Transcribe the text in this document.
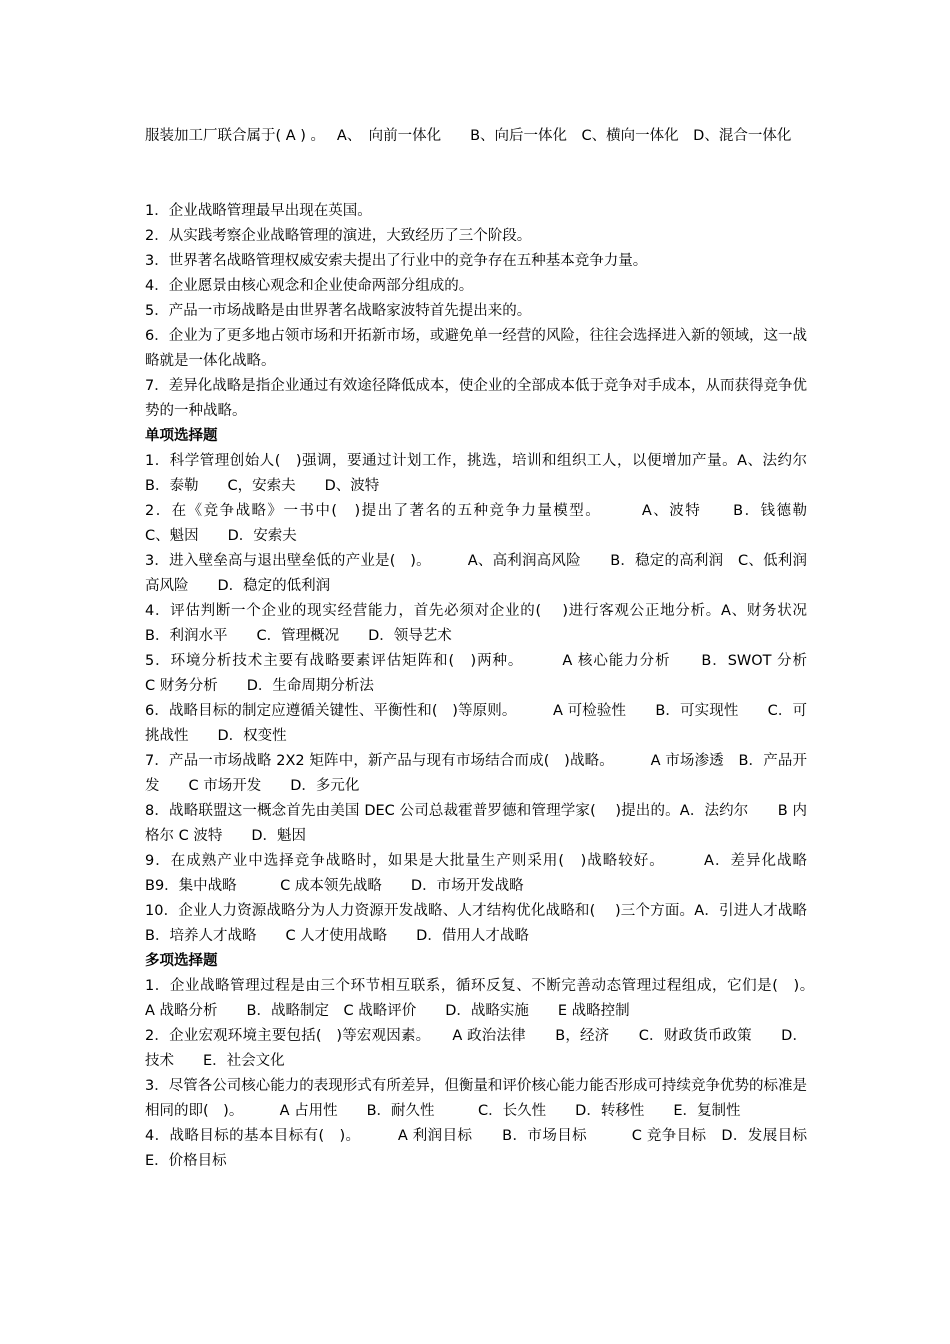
服装加工厂联合属于( A ) 。　 A、　向前一体化　　B、向后一体化　C、横向一体化　D、混合一体化

1．企业战略管理最早出现在英国。

2．从实践考察企业战略管理的演进，大致经历了三个阶段。

3．世界著名战略管理权威安索夫提出了行业中的竞争存在五种基本竞争力量。

4．企业愿景由核心观念和企业使命两部分组成的。

5．产品一市场战略是由世界著名战略家波特首先提出来的。

6．企业为了更多地占领市场和开拓新市场，或避免单一经营的风险，往往会选择进入新的领域，这一战略就是一体化战略。

7．差异化战略是指企业通过有效途径降低成本，使企业的全部成本低于竞争对手成本，从而获得竞争优势的一种战略。

单项选择题

1．科学管理创始人(　)强调，要通过计划工作，挑选，培训和组织工人，以便增加产量。A、法约尔　　B．泰勒　　C，安索夫　　D、波特

2．在《竞争战略》一书中(　)提出了著名的五种竞争力量模型。　　　A、波特　　B．钱德勒　　　C、魁因　　D．安索夫

3．进入壁垒高与退出壁垒低的产业是(　)。　　　A、高利润高风险　　B．稳定的高利润　C、低利润高风险　　D．稳定的低利润

4．评估判断一个企业的现实经营能力，首先必须对企业的(　 )进行客观公正地分析。A、财务状况　　B．利润水平　　C．管理概况　　D．领导艺术

5．环境分析技术主要有战略要素评估矩阵和(　)两种。　　　A 核心能力分析　　B．SWOT 分析　　　C 财务分析　　D．生命周期分析法

6．战略目标的制定应遵循关键性、平衡性和(　)等原则。　　　A 可检验性　　B．可实现性　　C．可挑战性　　D．权变性

7．产品一市场战略 2X2 矩阵中，新产品与现有市场结合而成(　)战略。　　　A 市场渗透　B．产品开发　　C 市场开发　　D．多元化

8．战略联盟这一概念首先由美国 DEC 公司总裁霍普罗德和管理学家(　 )提出的。A．法约尔　　B 内格尔 C 波特　　D．魁因

9．在成熟产业中选择竞争战略时，如果是大批量生产则采用(　)战略较好。　　　A．差异化战略　　B9．集中战略　　　C 成本领先战略　　D．市场开发战略

10．企业人力资源战略分为人力资源开发战略、人才结构优化战略和(　 )三个方面。A．引进人才战略　　B．培养人才战略　　C 人才使用战略　　D．借用人才战略

多项选择题

1．企业战略管理过程是由三个环节相互联系，循环反复、不断完善动态管理过程组成，它们是(　)。　　A 战略分析　　B．战略制定　C 战略评价　　D．战略实施　　E 战略控制

2．企业宏观环境主要包括(　)等宏观因素。　　A 政治法律　　B，经济　　C．财政货币政策　　D．技术　　E．社会文化

3．尽管各公司核心能力的表现形式有所差异，但衡量和评价核心能力能否形成可持续竞争优势的标准是相同的即(　)。　　　A 占用性　　B．耐久性　　　C．长久性　　D．转移性　　E．复制性

4．战略目标的基本目标有(　)。　　　A 利润目标　　B．市场目标　　　C 竞争目标　D．发展目标　　E．价格目标
